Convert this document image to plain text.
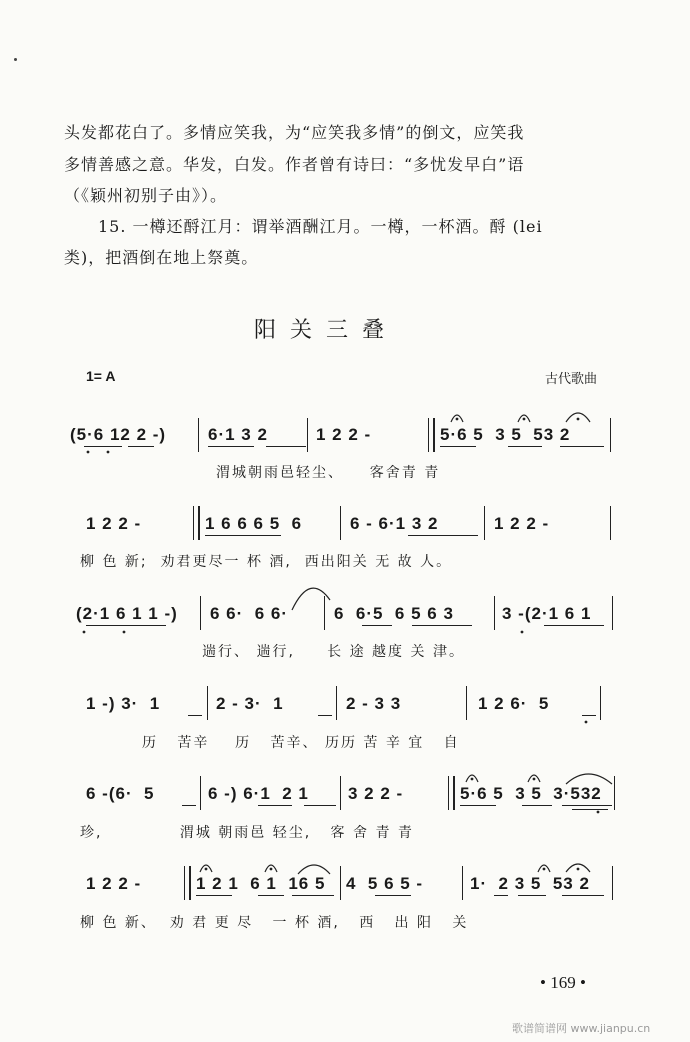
头发都花白了。多情应笑我，为“应笑我多情”的倒文，应笑我
多情善感之意。华发，白发。作者曾有诗曰：“多忧发早白”语
（《颖州初别子由》）。
15. 一樽还酹江月：谓举酒酬江月。一樽，一杯酒。酹 (lei
类)，把酒倒在地上祭奠。
阳关三叠
1= A	古代歌曲
(5·6 12 2 -) 6·1 3 2	1 2 2 -	5·6 5  3 5  53 2
渭城朝雨邑轻尘、    客舍青 青
1 2 2 -	1 6 6 6 5  6	6 - 6·1 3 2	1 2 2 -
柳 色 新;  劝君更尽一 杯 酒,  西出阳关 无 故 人。
(2·1 6 1 1 -) 6 6·  6 6·	6  6·5  6 5 6 3	3 -(2·1 6 1
遄行、 遄行,     长 途 越度 关 津。
1 -) 3·  1	2 - 3·  1	2 - 3 3	1 2 6·  5
历   苦辛    历   苦辛、 历历 苦 辛 宜   自
6 -(6·  5	6 -) 6·1  2 1 3 2 2 -	5·6 5  3 5  3·532
珍,            渭城 朝雨邑 轻尘,   客 舍 青 青
1 2 2 -	1 2 1  6 1  16 5 4  5 6 5 -	1·  2 3 5  53 2
柳 色 新、  劝 君 更 尽   一 杯 酒,   西   出 阳   关
• 169 •
歌谱简谱网 www.jianpu.cn
